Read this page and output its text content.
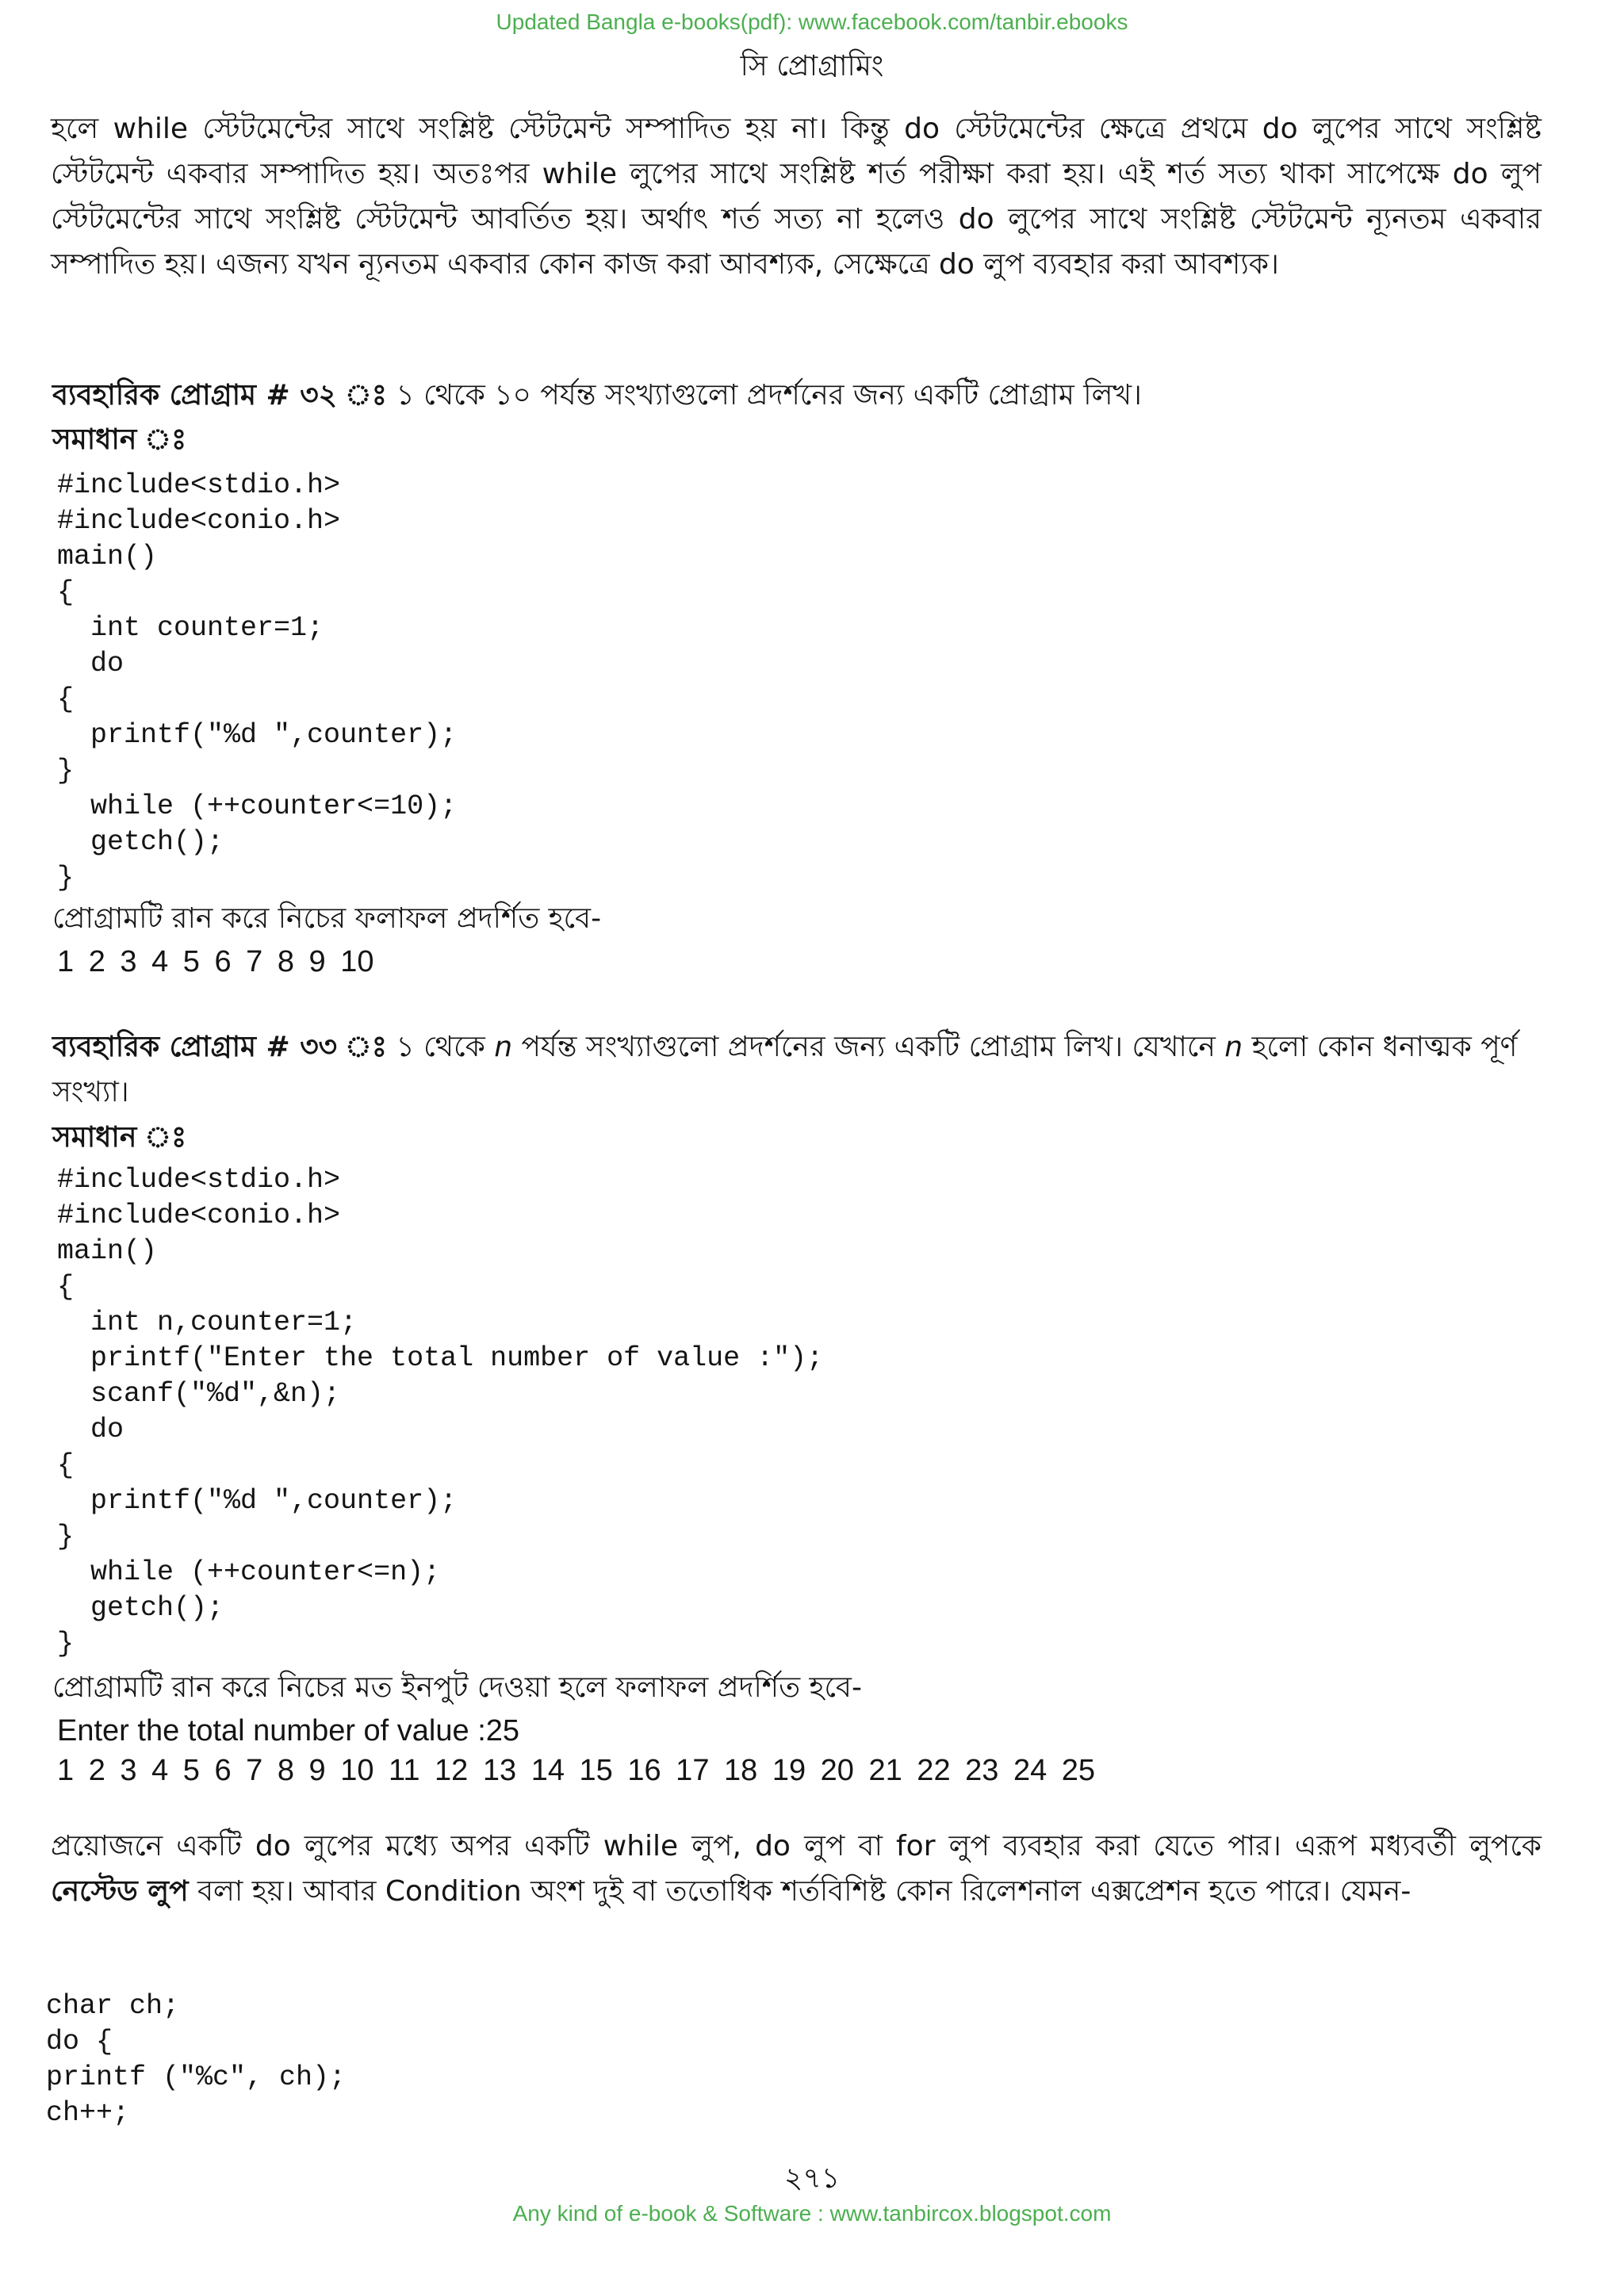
Updated Bangla e-books(pdf): www.facebook.com/tanbir.ebooks
সি প্রোগ্রামিং
হলে while স্টেটমেন্টের সাথে সংশ্লিষ্ট স্টেটমেন্ট সম্পাদিত হয় না। কিন্তু do স্টেটমেন্টের ক্ষেত্রে প্রথমে do লুপের সাথে সংশ্লিষ্ট স্টেটমেন্ট একবার সম্পাদিত হয়। অতঃপর while লুপের সাথে সংশ্লিষ্ট শর্ত পরীক্ষা করা হয়। এই শর্ত সত্য থাকা সাপেক্ষে do লুপ স্টেটমেন্টের সাথে সংশ্লিষ্ট স্টেটমেন্ট আবর্তিত হয়। অর্থাৎ শর্ত সত্য না হলেও do লুপের সাথে সংশ্লিষ্ট স্টেটমেন্ট ন্যূনতম একবার সম্পাদিত হয়। এজন্য যখন ন্যূনতম একবার কোন কাজ করা আবশ্যক, সেক্ষেত্রে do লুপ ব্যবহার করা আবশ্যক।
ব্যবহারিক প্রোগ্রাম # ৩২ ঃ ১ থেকে ১০ পর্যন্ত সংখ্যাগুলো প্রদর্শনের জন্য একটি প্রোগ্রাম লিখ।
সমাধান ঃ
#include<stdio.h>
#include<conio.h>
main()
{
int counter=1;
do
{
printf("%d ",counter);
}
while (++counter<=10);
getch();
}
প্রোগ্রামটি রান করে নিচের ফলাফল প্রদর্শিত হবে-
1 2 3 4 5 6 7 8 9 10
ব্যবহারিক প্রোগ্রাম # ৩৩ ঃ ১ থেকে n পর্যন্ত সংখ্যাগুলো প্রদর্শনের জন্য একটি প্রোগ্রাম লিখ। যেখানে n হলো কোন ধনাত্মক পূর্ণ সংখ্যা।
সমাধান ঃ
#include<stdio.h>
#include<conio.h>
main()
{
int n,counter=1;
printf("Enter the total number of value :");
scanf("%d",&n);
do
{
printf("%d ",counter);
}
while (++counter<=n);
getch();
}
প্রোগ্রামটি রান করে নিচের মত ইনপুট দেওয়া হলে ফলাফল প্রদর্শিত হবে-
Enter the total number of value :25
1 2 3 4 5 6 7 8 9 10 11 12 13 14 15 16 17 18 19 20 21 22 23 24 25
প্রয়োজনে একটি do লুপের মধ্যে অপর একটি while লুপ, do লুপ বা for লুপ ব্যবহার করা যেতে পার। এরূপ মধ্যবর্তী লুপকে নেস্টেড লুপ বলা হয়। আবার Condition অংশ দুই বা ততোধিক শর্তবিশিষ্ট কোন রিলেশনাল এক্সপ্রেশন হতে পারে। যেমন-
char ch;
do {
printf ("%c", ch);
ch++;
২৭১
Any kind of e-book & Software : www.tanbircox.blogspot.com
